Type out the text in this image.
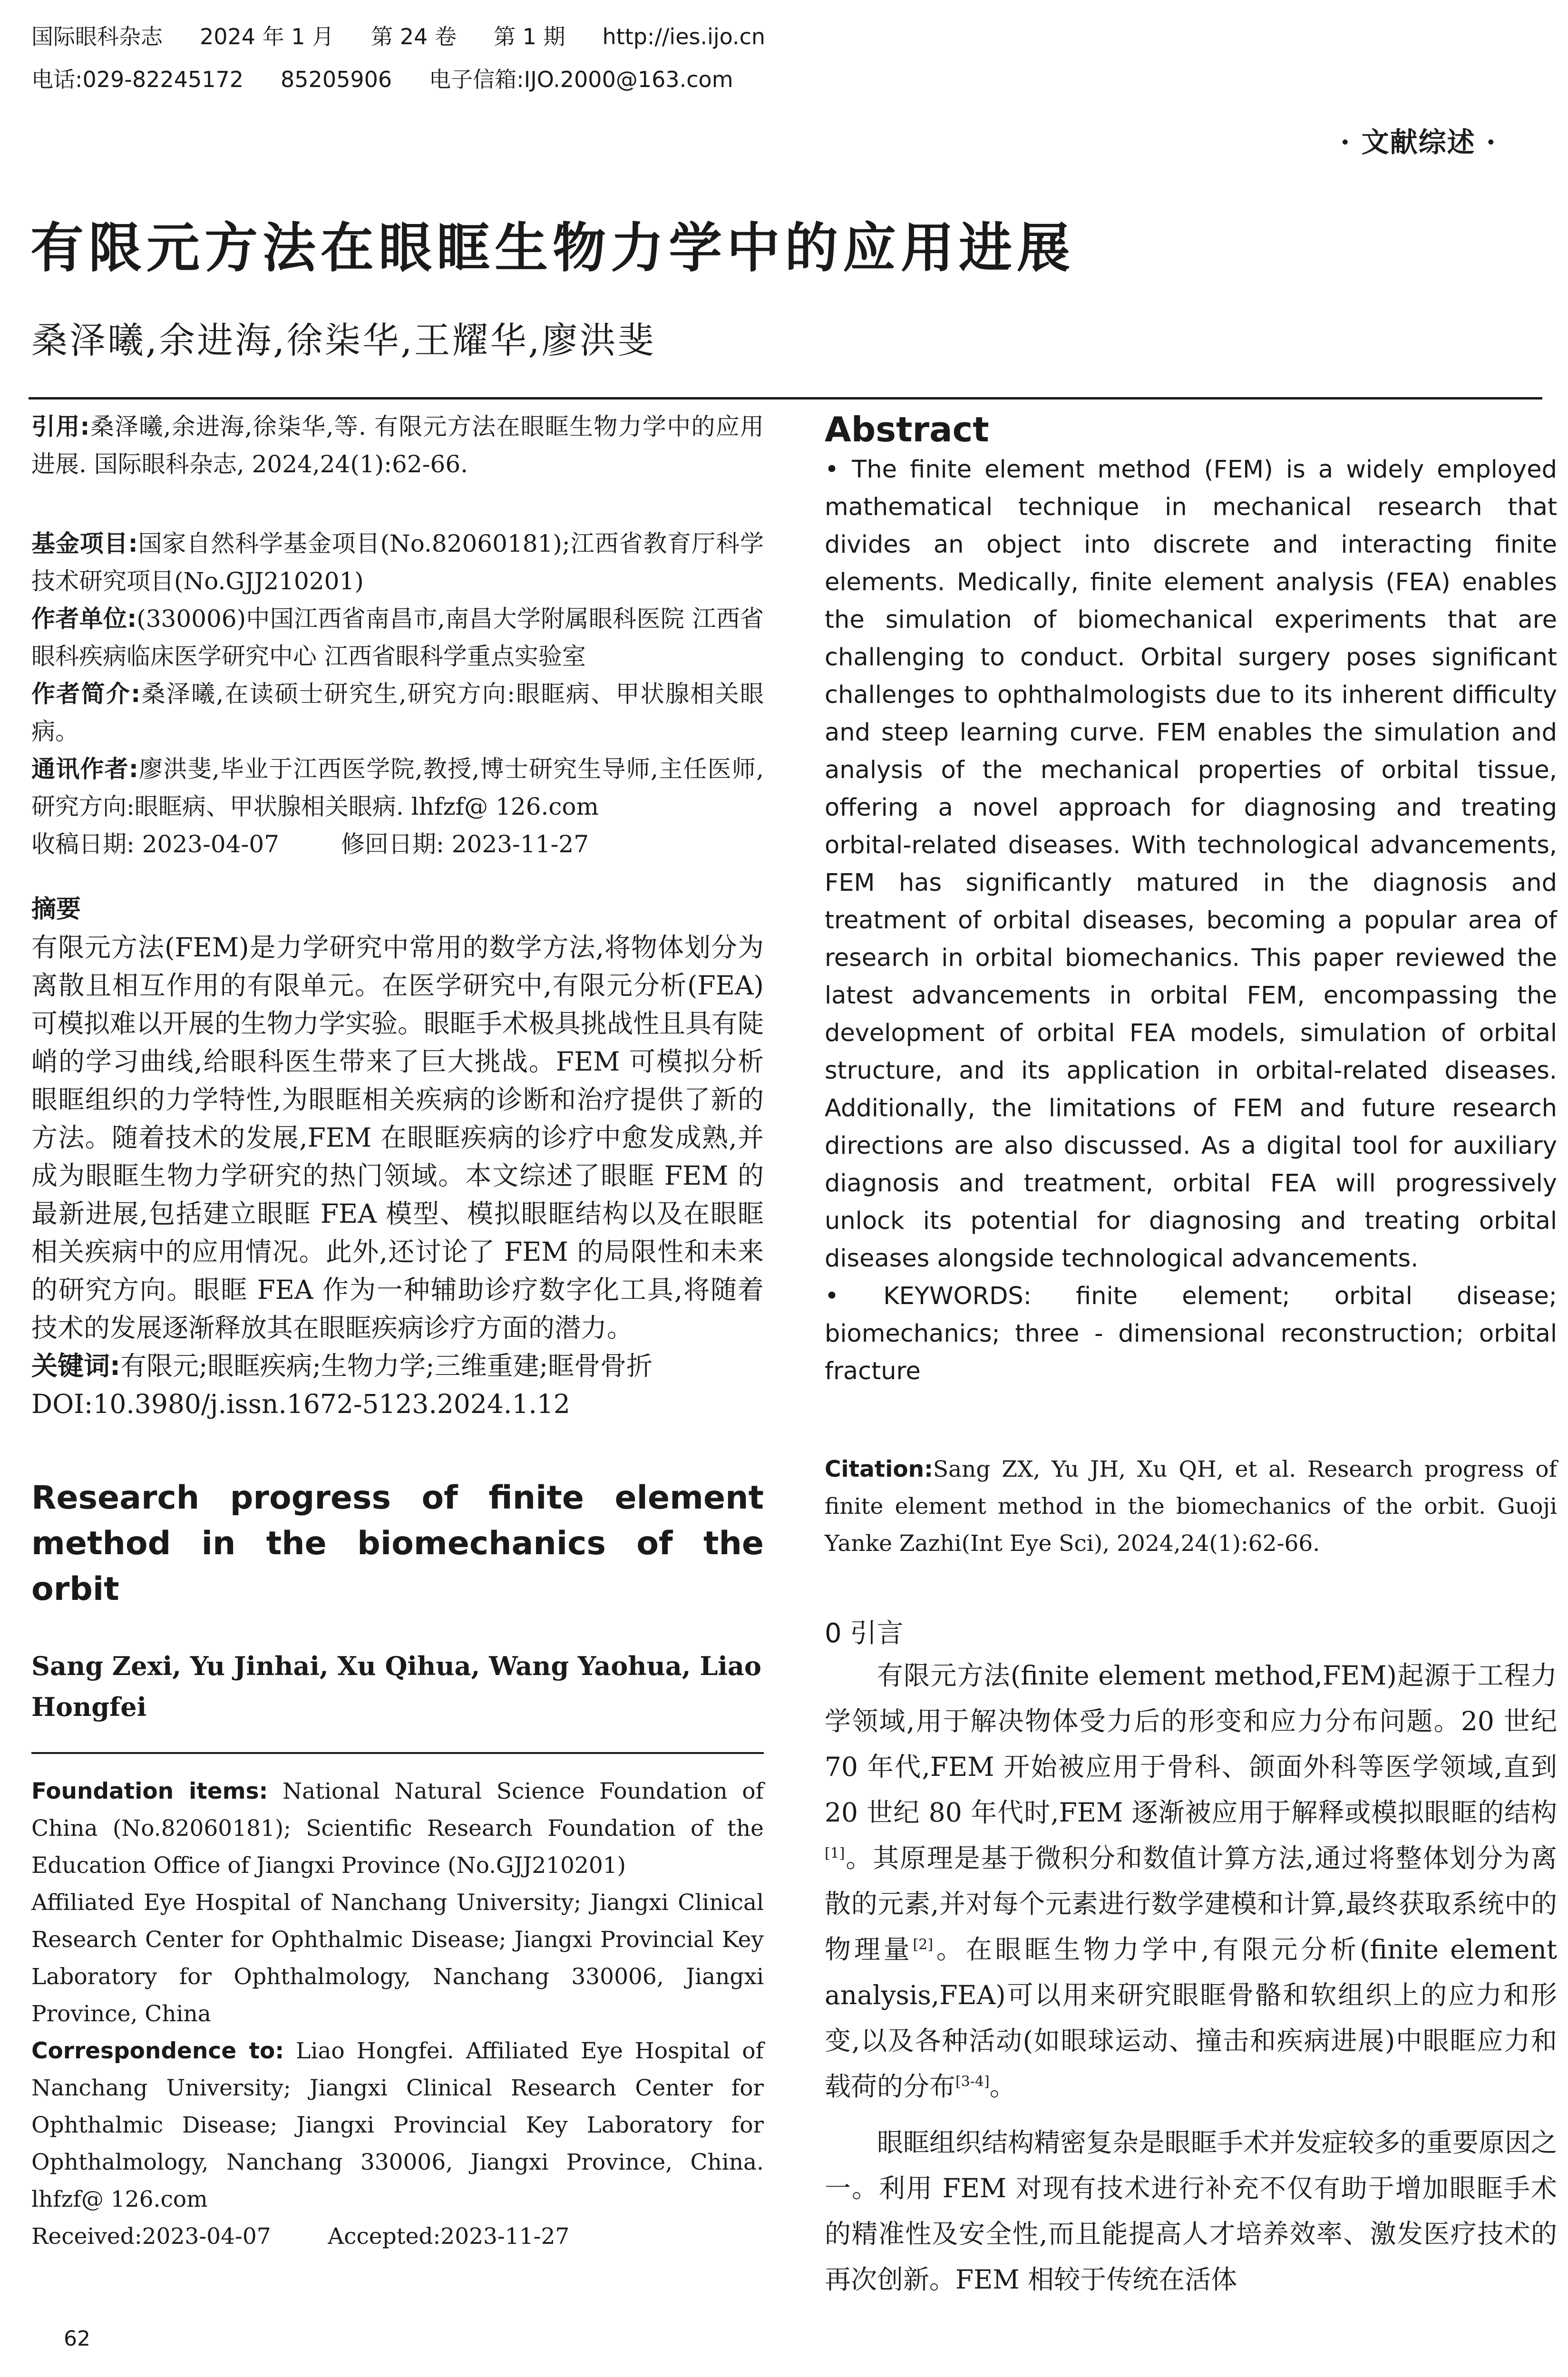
国际眼科杂志 2024 年 1 月 第 24 卷 第 1 期 http://ies.ijo.cn
电话:029-82245172 85205906 电子信箱:IJO.2000@163.com
· 文献综述 ·
有限元方法在眼眶生物力学中的应用进展
桑泽曦,余进海,徐柒华,王耀华,廖洪斐

引用:桑泽曦,余进海,徐柒华,等. 有限元方法在眼眶生物力学中的应用进展. 国际眼科杂志, 2024,24(1):62-66.

基金项目:国家自然科学基金项目(No.82060181);江西省教育厅科学技术研究项目(No.GJJ210201)

作者单位:(330006)中国江西省南昌市,南昌大学附属眼科医院 江西省眼科疾病临床医学研究中心 江西省眼科学重点实验室

作者简介:桑泽曦,在读硕士研究生,研究方向:眼眶病、甲状腺相关眼病。

通讯作者:廖洪斐,毕业于江西医学院,教授,博士研究生导师,主任医师,研究方向:眼眶病、甲状腺相关眼病. lhfzf@ 126.com

收稿日期: 2023-04-07	修回日期: 2023-11-27

摘要

有限元方法(FEM)是力学研究中常用的数学方法,将物体划分为离散且相互作用的有限单元。在医学研究中,有限元分析(FEA)可模拟难以开展的生物力学实验。眼眶手术极具挑战性且具有陡峭的学习曲线,给眼科医生带来了巨大挑战。FEM 可模拟分析眼眶组织的力学特性,为眼眶相关疾病的诊断和治疗提供了新的方法。随着技术的发展,FEM 在眼眶疾病的诊疗中愈发成熟,并成为眼眶生物力学研究的热门领域。本文综述了眼眶 FEM 的最新进展,包括建立眼眶 FEA 模型、模拟眼眶结构以及在眼眶相关疾病中的应用情况。此外,还讨论了 FEM 的局限性和未来的研究方向。眼眶 FEA 作为一种辅助诊疗数字化工具,将随着技术的发展逐渐释放其在眼眶疾病诊疗方面的潜力。

关键词:有限元;眼眶疾病;生物力学;三维重建;眶骨骨折

DOI:10.3980/j.issn.1672-5123.2024.1.12

Research progress of finite element method in the biomechanics of the orbit
Sang Zexi, Yu Jinhai, Xu Qihua, Wang Yaohua, Liao Hongfei

Foundation items: National Natural Science Foundation of China (No.82060181); Scientific Research Foundation of the Education Office of Jiangxi Province (No.GJJ210201)

Affiliated Eye Hospital of Nanchang University; Jiangxi Clinical Research Center for Ophthalmic Disease; Jiangxi Provincial Key Laboratory for Ophthalmology, Nanchang 330006, Jiangxi Province, China

Correspondence to: Liao Hongfei. Affiliated Eye Hospital of Nanchang University; Jiangxi Clinical Research Center for Ophthalmic Disease; Jiangxi Provincial Key Laboratory for Ophthalmology, Nanchang 330006, Jiangxi Province, China. lhfzf@ 126.com

Received:2023-04-07	Accepted:2023-11-27
Abstract

• The finite element method (FEM) is a widely employed mathematical technique in mechanical research that divides an object into discrete and interacting finite elements. Medically, finite element analysis (FEA) enables the simulation of biomechanical experiments that are challenging to conduct. Orbital surgery poses significant challenges to ophthalmologists due to its inherent difficulty and steep learning curve. FEM enables the simulation and analysis of the mechanical properties of orbital tissue, offering a novel approach for diagnosing and treating orbital-related diseases. With technological advancements, FEM has significantly matured in the diagnosis and treatment of orbital diseases, becoming a popular area of research in orbital biomechanics. This paper reviewed the latest advancements in orbital FEM, encompassing the development of orbital FEA models, simulation of orbital structure, and its application in orbital-related diseases. Additionally, the limitations of FEM and future research directions are also discussed. As a digital tool for auxiliary diagnosis and treatment, orbital FEA will progressively unlock its potential for diagnosing and treating orbital diseases alongside technological advancements.

• KEYWORDS: finite element; orbital disease; biomechanics; three - dimensional reconstruction; orbital fracture

Citation:Sang ZX, Yu JH, Xu QH, et al. Research progress of finite element method in the biomechanics of the orbit. Guoji Yanke Zazhi(Int Eye Sci), 2024,24(1):62-66.

0 引言

有限元方法(finite element method,FEM)起源于工程力学领域,用于解决物体受力后的形变和应力分布问题。20 世纪 70 年代,FEM 开始被应用于骨科、颌面外科等医学领域,直到 20 世纪 80 年代时,FEM 逐渐被应用于解释或模拟眼眶的结构[1]。其原理是基于微积分和数值计算方法,通过将整体划分为离散的元素,并对每个元素进行数学建模和计算,最终获取系统中的物理量[2]。在眼眶生物力学中,有限元分析(finite element analysis,FEA)可以用来研究眼眶骨骼和软组织上的应力和形变,以及各种活动(如眼球运动、撞击和疾病进展)中眼眶应力和载荷的分布[3-4]。

眼眶组织结构精密复杂是眼眶手术并发症较多的重要原因之一。利用 FEM 对现有技术进行补充不仅有助于增加眼眶手术的精准性及安全性,而且能提高人才培养效率、激发医疗技术的再次创新。FEM 相较于传统在活体

62
